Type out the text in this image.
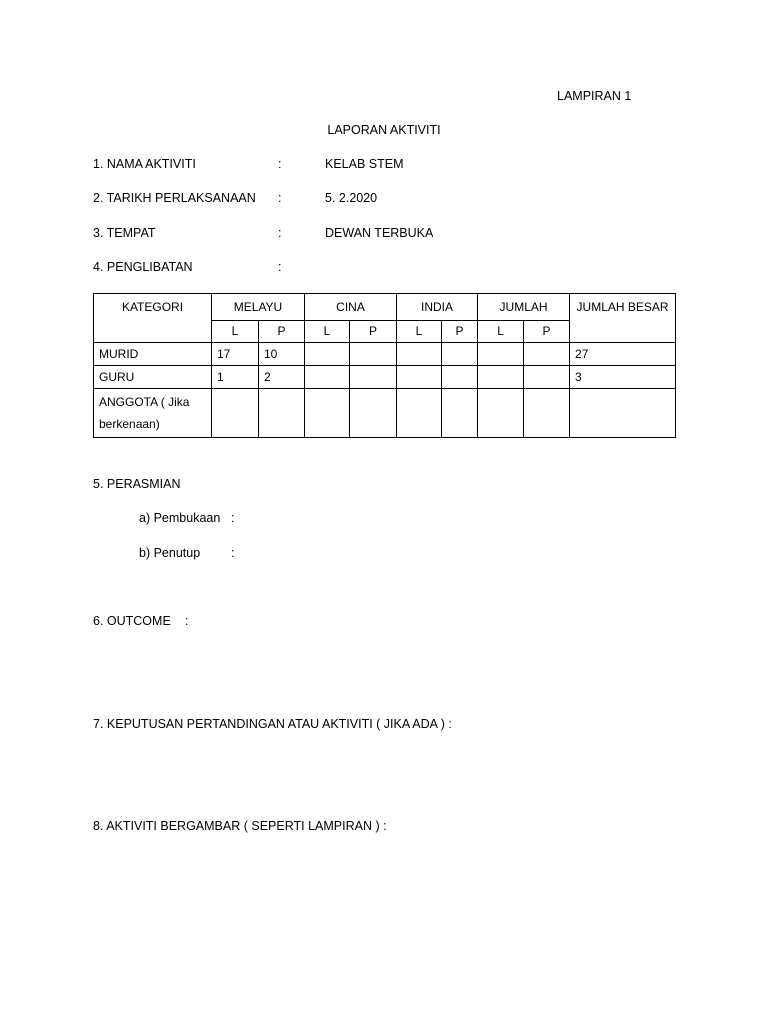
LAMPIRAN 1
LAPORAN AKTIVITI
1. NAMA AKTIVITI	:	KELAB STEM
2. TARIKH PERLAKSANAAN :	5. 2.2020
3. TEMPAT	:	DEWAN TERBUKA
4. PENGLIBATAN	:
KATEGORI	MELAYU		CINA		INDIA		JUMLAH		JUMLAH BESAR
	L	P	L	P	L	P	L	P	
MURID	17	10							27
GURU	1	2							3
ANGGOTA ( Jika berkenaan)									
5. PERASMIAN
a) Pembukaan :
b) Penutup :
6. OUTCOME :
7. KEPUTUSAN PERTANDINGAN ATAU AKTIVITI ( JIKA ADA ) :
8. AKTIVITI BERGAMBAR ( SEPERTI LAMPIRAN ) :
